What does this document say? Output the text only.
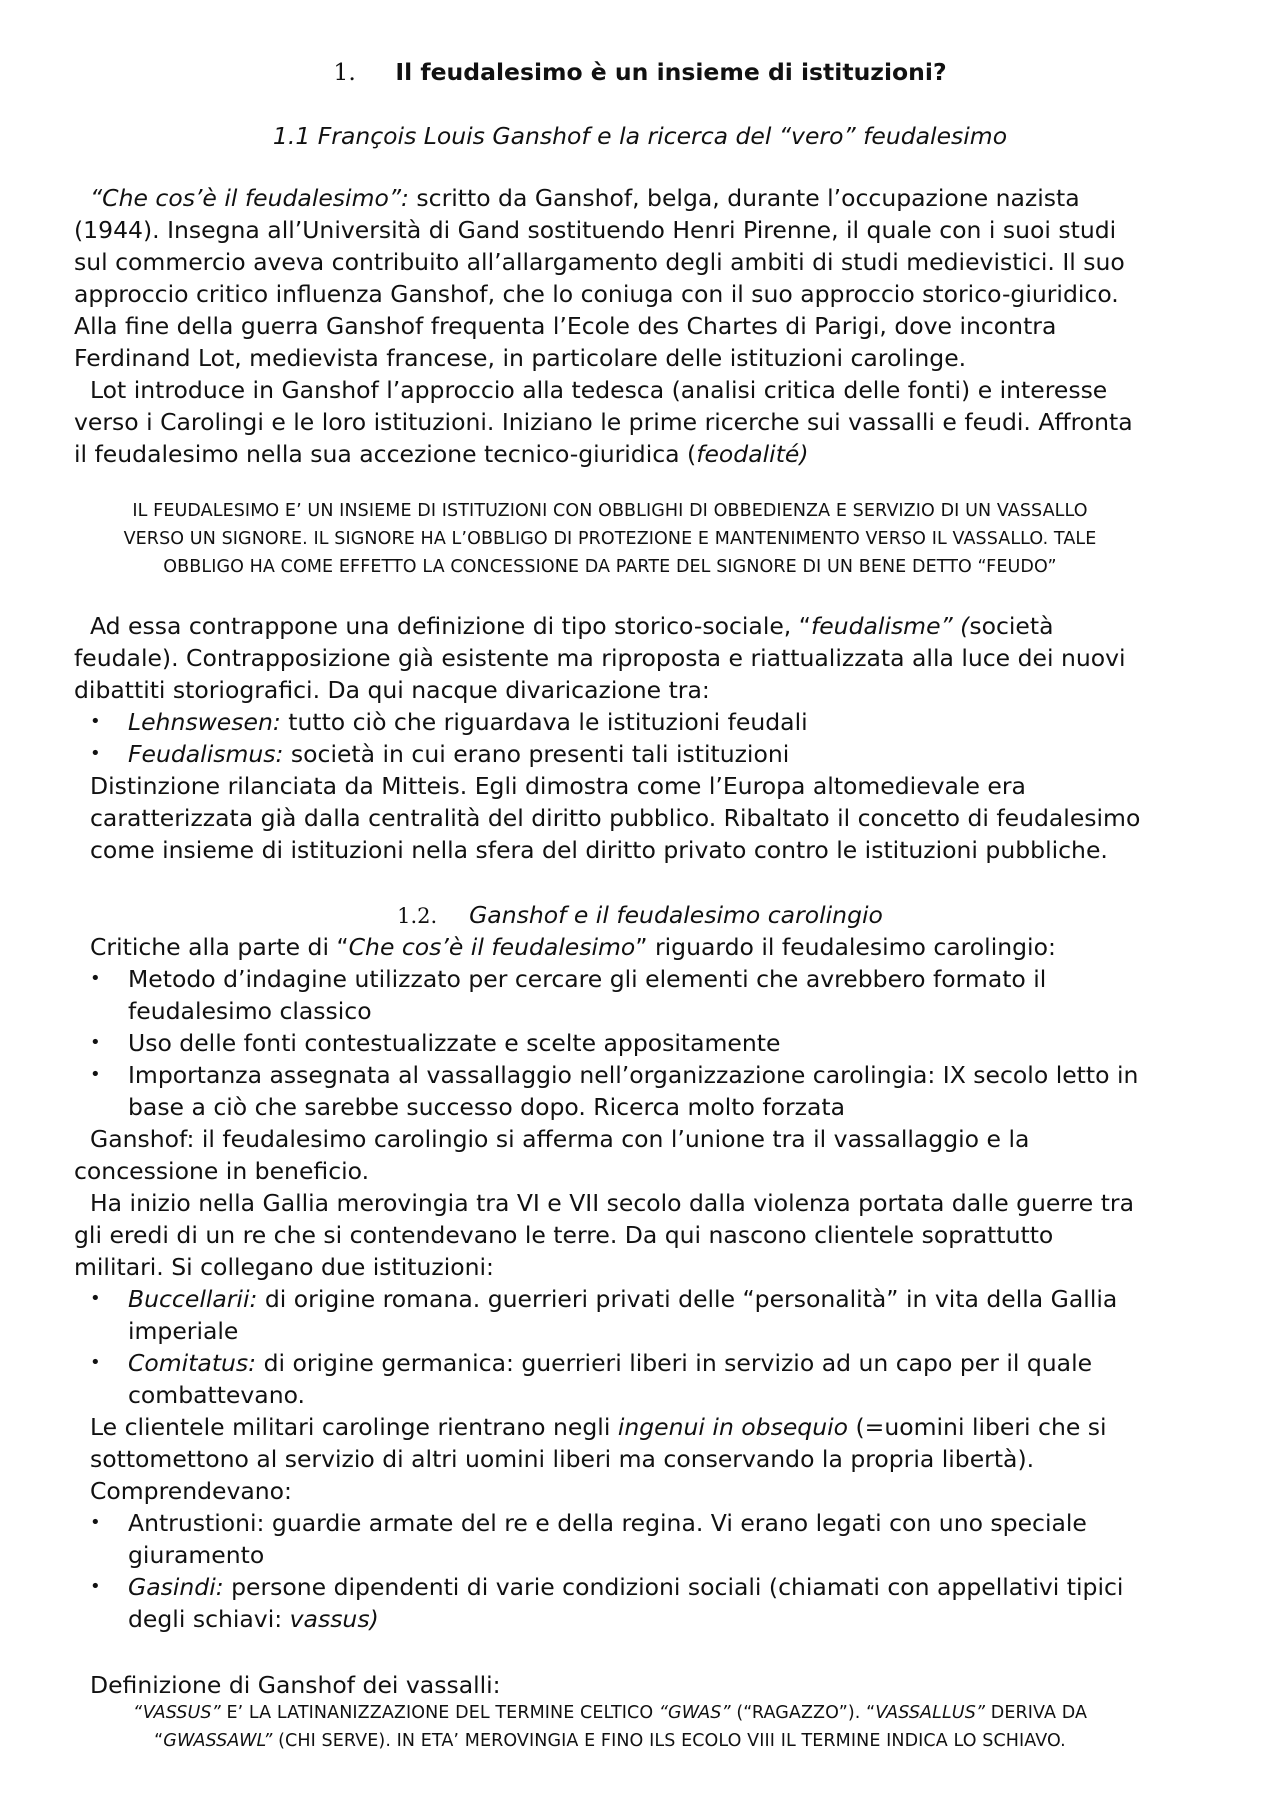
1. Il feudalesimo è un insieme di istituzioni?
1.1 François Louis Ganshof e la ricerca del “vero” feudalesimo

“Che cos’è il feudalesimo”: scritto da Ganshof, belga, durante l’occupazione nazista

(1944). Insegna all’Università di Gand sostituendo Henri Pirenne, il quale con i suoi studi

sul commercio aveva contribuito all’allargamento degli ambiti di studi medievistici. Il suo

approccio critico influenza Ganshof, che lo coniuga con il suo approccio storico-giuridico.

Alla fine della guerra Ganshof frequenta l’Ecole des Chartes di Parigi, dove incontra

Ferdinand Lot, medievista francese, in particolare delle istituzioni carolinge.

Lot introduce in Ganshof l’approccio alla tedesca (analisi critica delle fonti) e interesse

verso i Carolingi e le loro istituzioni. Iniziano le prime ricerche sui vassalli e feudi. Affronta

il feudalesimo nella sua accezione tecnico-giuridica (feodalité)

IL FEUDALESIMO E’ UN INSIEME DI ISTITUZIONI CON OBBLIGHI DI OBBEDIENZA E SERVIZIO DI UN VASSALLO

VERSO UN SIGNORE. IL SIGNORE HA L’OBBLIGO DI PROTEZIONE E MANTENIMENTO VERSO IL VASSALLO. TALE

OBBLIGO HA COME EFFETTO LA CONCESSIONE DA PARTE DEL SIGNORE DI UN BENE DETTO “FEUDO”

Ad essa contrappone una definizione di tipo storico-sociale, “feudalisme” (società

feudale). Contrapposizione già esistente ma riproposta e riattualizzata alla luce dei nuovi

dibattiti storiografici. Da qui nacque divaricazione tra:

• Lehnswesen: tutto ciò che riguardava le istituzioni feudali
• Feudalismus: società in cui erano presenti tali istituzioni

Distinzione rilanciata da Mitteis. Egli dimostra come l’Europa altomedievale era

caratterizzata già dalla centralità del diritto pubblico. Ribaltato il concetto di feudalesimo

come insieme di istituzioni nella sfera del diritto privato contro le istituzioni pubbliche.

1.2. Ganshof e il feudalesimo carolingio

Critiche alla parte di “Che cos’è il feudalesimo” riguardo il feudalesimo carolingio:

• Metodo d’indagine utilizzato per cercare gli elementi che avrebbero formato il
feudalesimo classico
• Uso delle fonti contestualizzate e scelte appositamente
• Importanza assegnata al vassallaggio nell’organizzazione carolingia: IX secolo letto in
base a ciò che sarebbe successo dopo. Ricerca molto forzata

Ganshof: il feudalesimo carolingio si afferma con l’unione tra il vassallaggio e la

concessione in beneficio.

Ha inizio nella Gallia merovingia tra VI e VII secolo dalla violenza portata dalle guerre tra

gli eredi di un re che si contendevano le terre. Da qui nascono clientele soprattutto

militari. Si collegano due istituzioni:

• Buccellarii: di origine romana. guerrieri privati delle “personalità” in vita della Gallia
imperiale
• Comitatus: di origine germanica: guerrieri liberi in servizio ad un capo per il quale
combattevano.

Le clientele militari carolinge rientrano negli ingenui in obsequio (=uomini liberi che si

sottomettono al servizio di altri uomini liberi ma conservando la propria libertà).

Comprendevano:

• Antrustioni: guardie armate del re e della regina. Vi erano legati con uno speciale
giuramento
• Gasindi: persone dipendenti di varie condizioni sociali (chiamati con appellativi tipici
degli schiavi: vassus)

Definizione di Ganshof dei vassalli:

“VASSUS” E’ LA LATINANIZZAZIONE DEL TERMINE CELTICO “GWAS” (“RAGAZZO”). “VASSALLUS” DERIVA DA

“GWASSAWL” (CHI SERVE). IN ETA’ MEROVINGIA E FINO ILS ECOLO VIII IL TERMINE INDICA LO SCHIAVO.
